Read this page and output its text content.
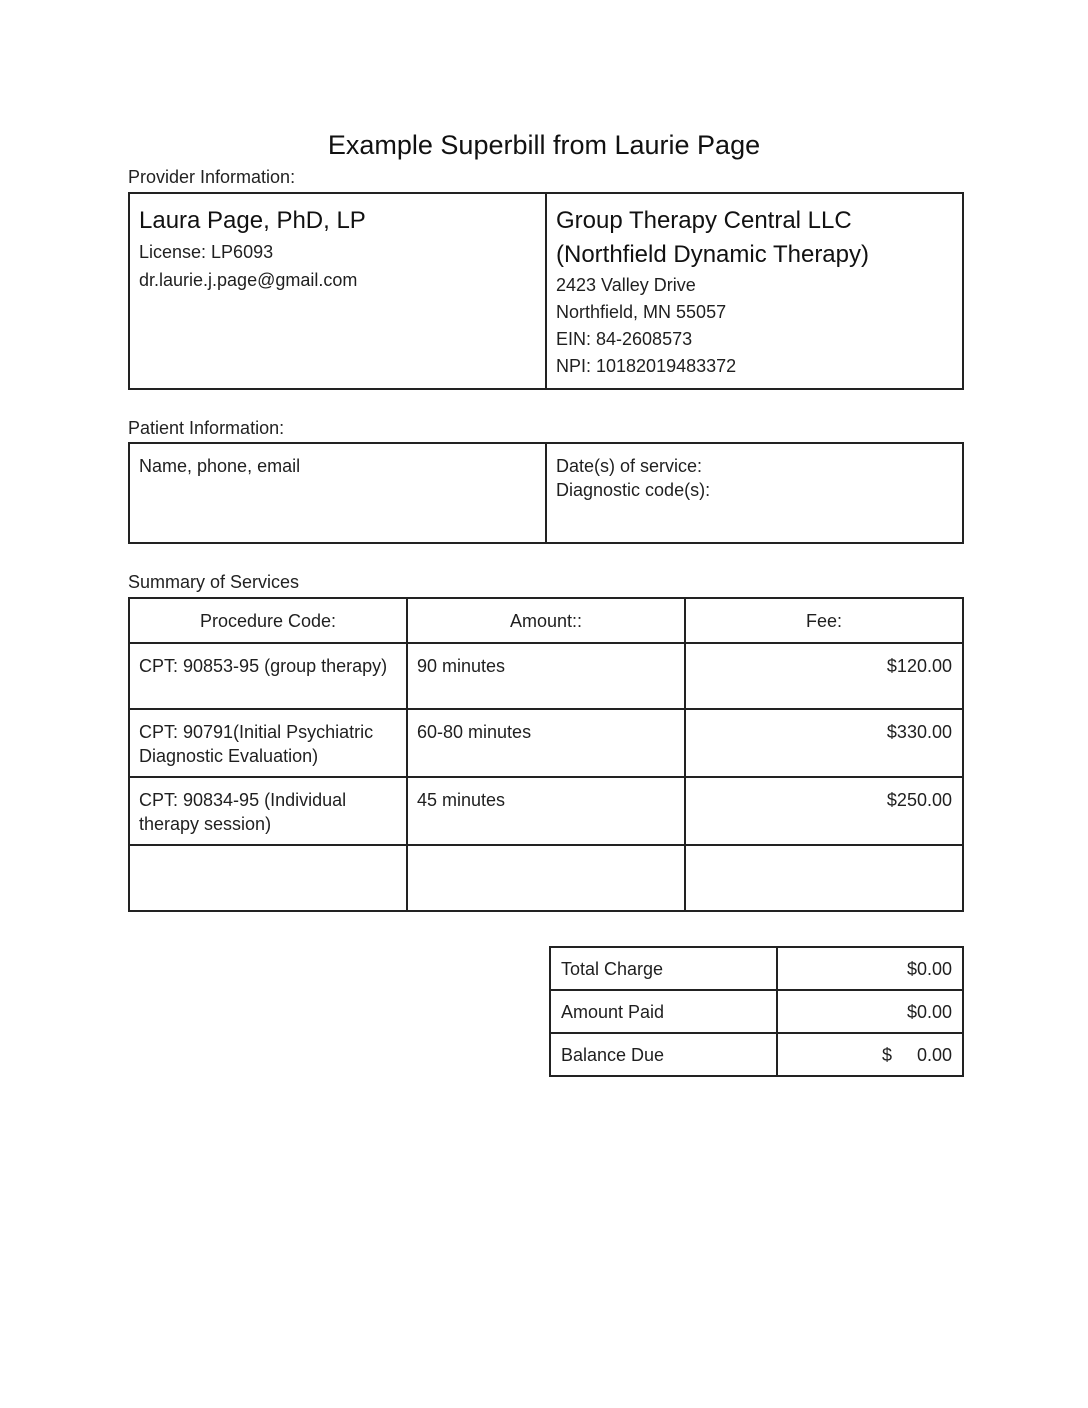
Example Superbill from Laurie Page
Provider Information:
Laura Page, PhD, LP
License: LP6093
dr.laurie.j.page@gmail.com

Group Therapy Central LLC
(Northfield Dynamic Therapy)
2423 Valley Drive
Northfield, MN 55057
EIN: 84-2608573
NPI: 10182019483372
Patient Information:
Name, phone, email	Date(s) of service:
Diagnostic code(s):
Summary of Services
Procedure Code:	Amount::	Fee:

CPT: 90853-95 (group therapy)	90 minutes	$120.00

CPT: 90791(Initial Psychiatric Diagnostic Evaluation)	60-80 minutes	$330.00

CPT: 90834-95 (Individual therapy session)	45 minutes	$250.00

Total Charge	$0.00

Amount Paid	$0.00

Balance Due	$ 0.00
